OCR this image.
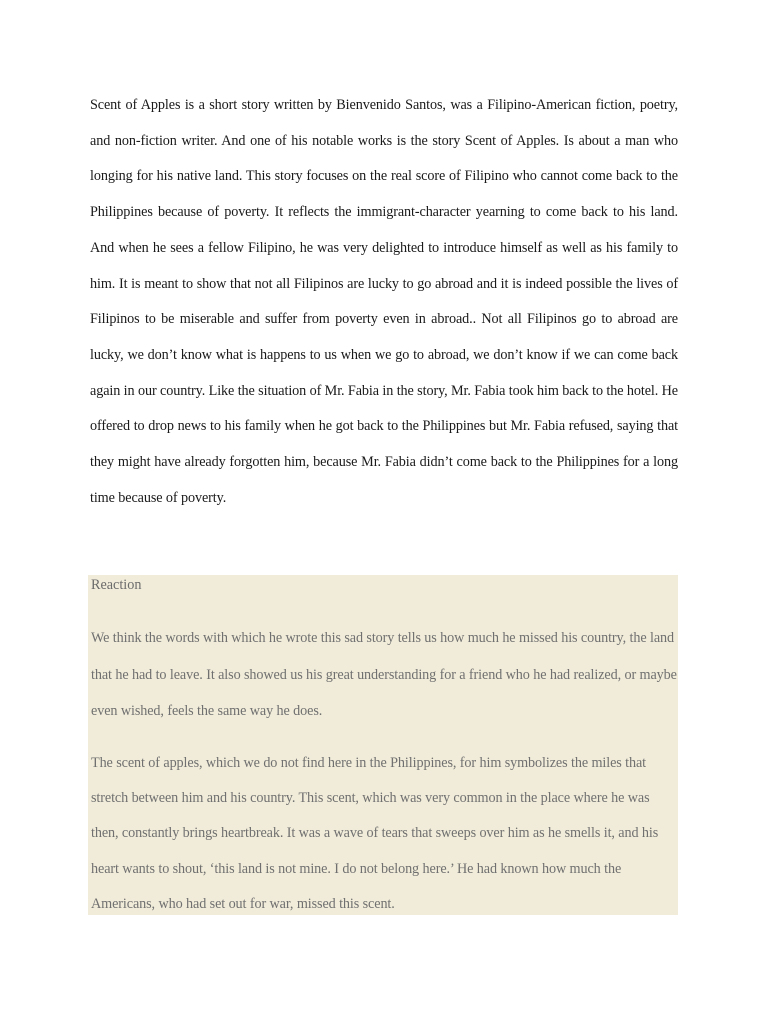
Scent of Apples is a short story written by Bienvenido Santos, was a Filipino-American fiction, poetry, and non-fiction writer. And one of his notable works is the story Scent of Apples. Is about a man who longing for his native land. This story focuses on the real score of Filipino who cannot come back to the Philippines because of poverty. It reflects the immigrant-character yearning to come back to his land. And when he sees a fellow Filipino, he was very delighted to introduce himself as well as his family to him. It is meant to show that not all Filipinos are lucky to go abroad and it is indeed possible the lives of Filipinos to be miserable and suffer from poverty even in abroad.. Not all Filipinos go to abroad are lucky, we don’t know what is happens to us when we go to abroad, we don’t know if we can come back again in our country. Like the situation of Mr. Fabia in the story, Mr. Fabia took him back to the hotel. He offered to drop news to his family when he got back to the Philippines but Mr. Fabia refused, saying that they might have already forgotten him, because Mr. Fabia didn’t come back to the Philippines for a long time because of poverty.

Reaction

We think the words with which he wrote this sad story tells us how much he missed his country, the land that he had to leave. It also showed us his great understanding for a friend who he had realized, or maybe even wished, feels the same way he does.

The scent of apples, which we do not find here in the Philippines, for him symbolizes the miles that stretch between him and his country. This scent, which was very common in the place where he was then, constantly brings heartbreak. It was a wave of tears that sweeps over him as he smells it, and his heart wants to shout, ‘this land is not mine. I do not belong here.’ He had known how much the Americans, who had set out for war, missed this scent.
